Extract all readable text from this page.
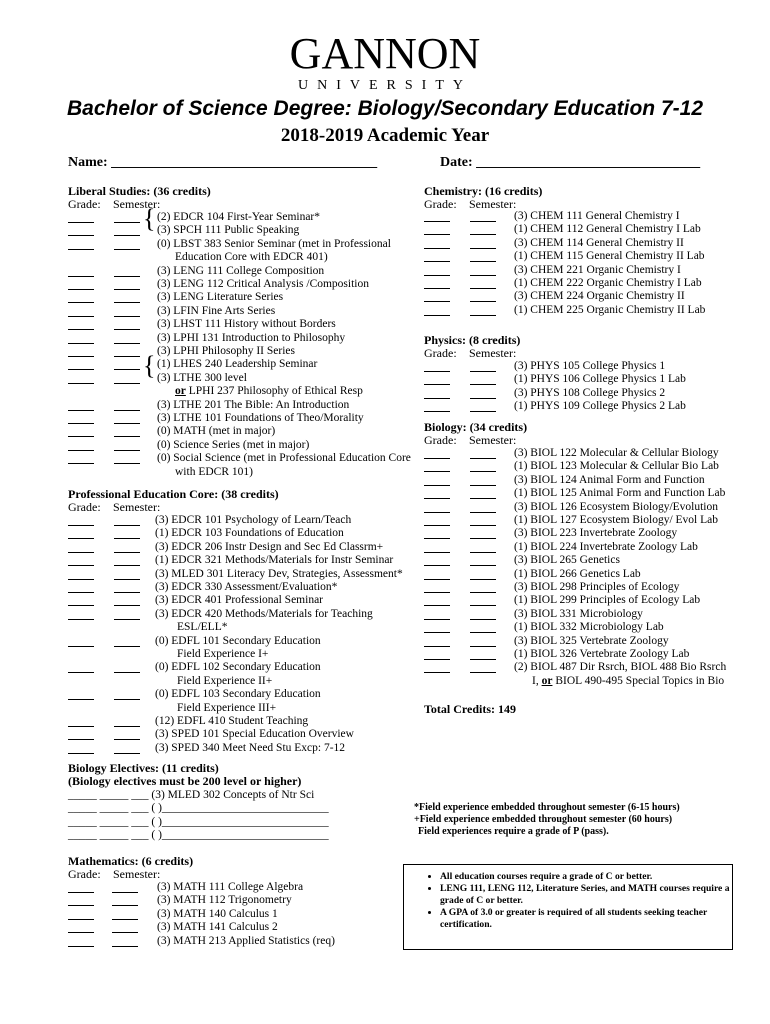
GANNON
UNIVERSITY
Bachelor of Science Degree: Biology/Secondary Education 7-12
2018-2019 Academic Year
Name: ______________________________________	Date: ________________________________
Liberal Studies: (36 credits)
Grade: Semester:
(2) EDCR 104 First-Year Seminar*
(3) SPCH 111 Public Speaking
(0) LBST 383 Senior Seminar (met in Professional
Education Core with EDCR 401)
(3) LENG 111 College Composition
(3) LENG 112 Critical Analysis /Composition
(3) LENG Literature Series
(3) LFIN Fine Arts Series
(3) LHST 111 History without Borders
(3) LPHI 131 Introduction to Philosophy
(3) LPHI Philosophy II Series
(1) LHES 240 Leadership Seminar
(3) LTHE 300 level
or LPHI 237 Philosophy of Ethical Resp
(3) LTHE 201 The Bible: An Introduction
(3) LTHE 101 Foundations of Theo/Morality
(0) MATH (met in major)
(0) Science Series (met in major)
(0) Social Science (met in Professional Education Core
with EDCR 101)
{
{
Professional Education Core: (38 credits)
Grade: Semester:
(3) EDCR 101 Psychology of Learn/Teach
(1) EDCR 103 Foundations of Education
(3) EDCR 206 Instr Design and Sec Ed Classrm+
(1) EDCR 321 Methods/Materials for Instr Seminar
(3) MLED 301 Literacy Dev, Strategies, Assessment*
(3) EDCR 330 Assessment/Evaluation*
(3) EDCR 401 Professional Seminar
(3) EDCR 420 Methods/Materials for Teaching
ESL/ELL*
(0) EDFL 101 Secondary Education
Field Experience I+
(0) EDFL 102 Secondary Education
Field Experience II+
(0) EDFL 103 Secondary Education
Field Experience III+
(12) EDFL 410 Student Teaching
(3) SPED 101 Special Education Overview
(3) SPED 340 Meet Need Stu Excp: 7-12
Biology Electives: (11 credits)
(Biology electives must be 200 level or higher)
_____ _____ ___ (3) MLED 302 Concepts of Ntr Sci
_____ _____ ___ ( )_____________________________
_____ _____ ___ ( )_____________________________
_____ _____ ___ ( )_____________________________
Mathematics: (6 credits)
Grade: Semester:
(3) MATH 111 College Algebra
(3) MATH 112 Trigonometry
(3) MATH 140 Calculus 1
(3) MATH 141 Calculus 2
(3) MATH 213 Applied Statistics (req)
Chemistry: (16 credits)
Grade: Semester:
(3) CHEM 111 General Chemistry I
(1) CHEM 112 General Chemistry I Lab
(3) CHEM 114 General Chemistry II
(1) CHEM 115 General Chemistry II Lab
(3) CHEM 221 Organic Chemistry I
(1) CHEM 222 Organic Chemistry I Lab
(3) CHEM 224 Organic Chemistry II
(1) CHEM 225 Organic Chemistry II Lab
Physics: (8 credits)
Grade: Semester:
(3) PHYS 105 College Physics 1
(1) PHYS 106 College Physics 1 Lab
(3) PHYS 108 College Physics 2
(1) PHYS 109 College Physics 2 Lab
Biology: (34 credits)
Grade: Semester:
(3) BIOL 122 Molecular & Cellular Biology
(1) BIOL 123 Molecular & Cellular Bio Lab
(3) BIOL 124 Animal Form and Function
(1) BIOL 125 Animal Form and Function Lab
(3) BIOL 126 Ecosystem Biology/Evolution
(1) BIOL 127 Ecosystem Biology/ Evol Lab
(3) BIOL 223 Invertebrate Zoology
(1) BIOL 224 Invertebrate Zoology Lab
(3) BIOL 265 Genetics
(1) BIOL 266 Genetics Lab
(3) BIOL 298 Principles of Ecology
(1) BIOL 299 Principles of Ecology Lab
(3) BIOL 331 Microbiology
(1) BIOL 332 Microbiology Lab
(3) BIOL 325 Vertebrate Zoology
(1) BIOL 326 Vertebrate Zoology Lab
(2) BIOL 487 Dir Rsrch, BIOL 488 Bio Rsrch
I, or BIOL 490-495 Special Topics in Bio
Total Credits: 149
*Field experience embedded throughout semester (6-15 hours)
+Field experience embedded throughout semester (60 hours)
Field experiences require a grade of P (pass).
• All education courses require a grade of C or better.
• LENG 111, LENG 112, Literature Series, and MATH courses require a grade of C or better.
• A GPA of 3.0 or greater is required of all students seeking teacher certification.
